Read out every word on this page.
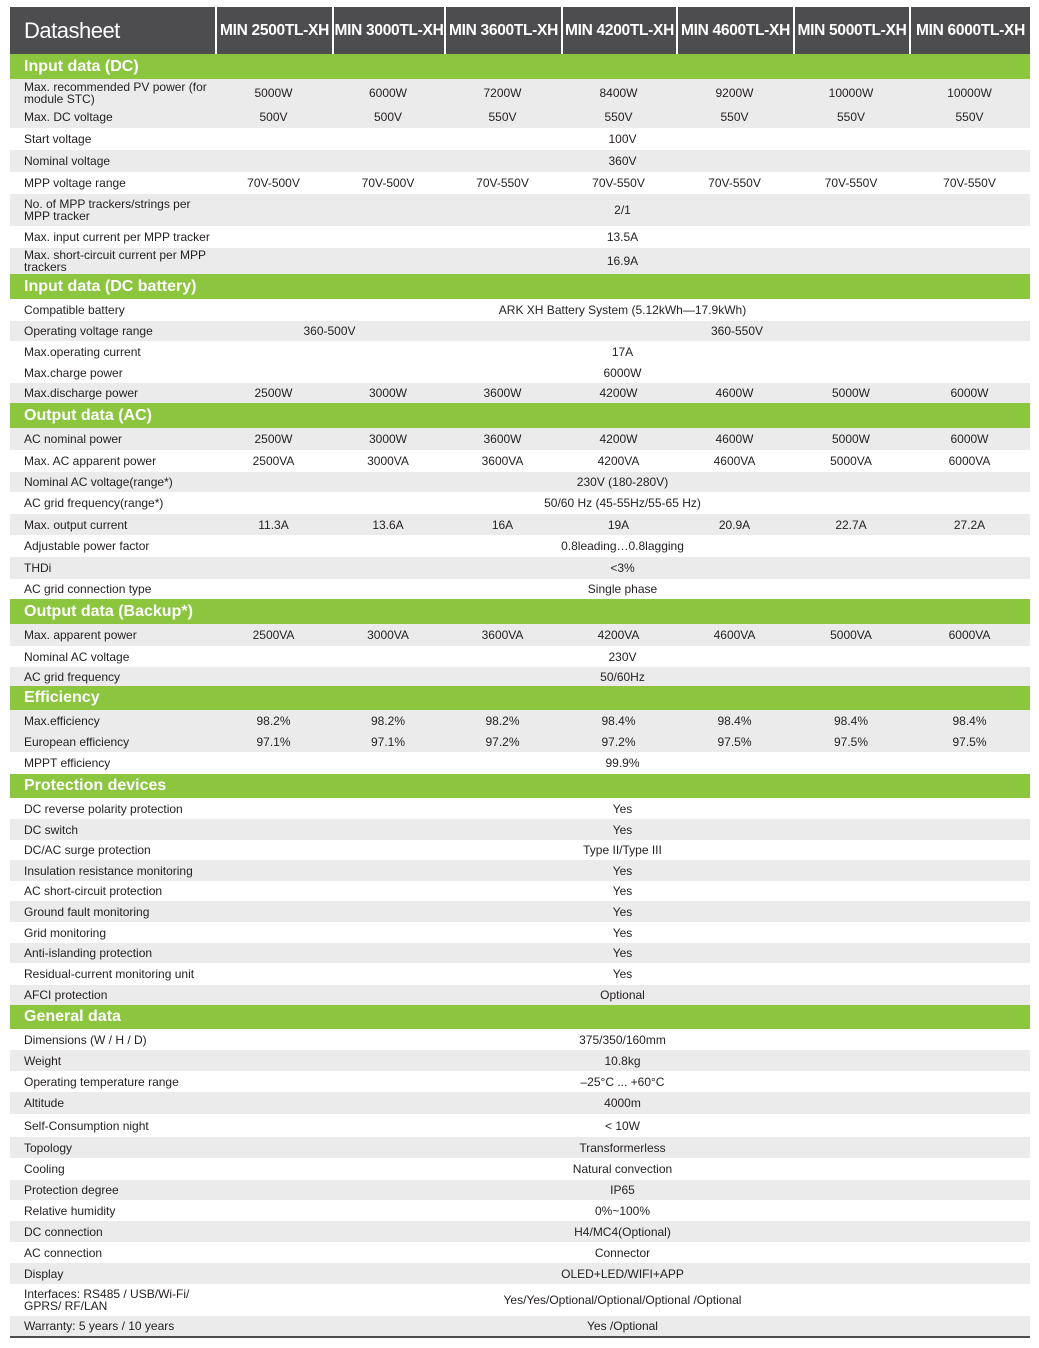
Datasheet	MIN 2500TL-XH MIN 3000TL-XH MIN 3600TL-XH MIN 4200TL-XH MIN 4600TL-XH MIN 5000TL-XH MIN 6000TL-XH
Input data (DC)
Max. recommended PV power (for module STC)	5000W	6000W	7200W	8400W	9200W	10000W	10000W
Max. DC voltage	500V	500V	550V	550V	550V	550V	550V
Start voltage	100V
Nominal voltage	360V
MPP voltage range	70V-500V	70V-500V	70V-550V	70V-550V	70V-550V	70V-550V	70V-550V
No. of MPP trackers/strings per MPP tracker	2/1
Max. input current per MPP tracker	13.5A
Max. short-circuit current per MPP trackers	16.9A
Input data (DC battery)
Compatible battery	ARK XH Battery System (5.12kWh—17.9kWh)
Operating voltage range	360-500V	360-550V
Max.operating current	17A
Max.charge power	6000W
Max.discharge power	2500W	3000W	3600W	4200W	4600W	5000W	6000W
Output data (AC)
AC nominal power	2500W	3000W	3600W	4200W	4600W	5000W	6000W
Max. AC apparent power	2500VA	3000VA	3600VA	4200VA	4600VA	5000VA	6000VA
Nominal AC voltage(range*)	230V (180-280V)
AC grid frequency(range*)	50/60 Hz (45-55Hz/55-65 Hz)
Max. output current	11.3A	13.6A	16A	19A	20.9A	22.7A	27.2A
Adjustable power factor	0.8leading…0.8lagging
THDi	<3%
AC grid connection type	Single phase
Output data (Backup*)
Max. apparent power	2500VA	3000VA	3600VA	4200VA	4600VA	5000VA	6000VA
Nominal AC voltage	230V
AC grid frequency	50/60Hz
Efficiency
Max.efficiency	98.2%	98.2%	98.2%	98.4%	98.4%	98.4%	98.4%
European efficiency	97.1%	97.1%	97.2%	97.2%	97.5%	97.5%	97.5%
MPPT efficiency	99.9%
Protection devices
DC reverse polarity protection	Yes
DC switch	Yes
DC/AC surge protection	Type II/Type III
Insulation resistance monitoring	Yes
AC short-circuit protection	Yes
Ground fault monitoring	Yes
Grid monitoring	Yes
Anti-islanding protection	Yes
Residual-current monitoring unit	Yes
AFCI protection	Optional
General data
Dimensions (W / H / D)	375/350/160mm
Weight	10.8kg
Operating temperature range	–25°C ... +60°C
Altitude	4000m
Self-Consumption night	< 10W
Topology	Transformerless
Cooling	Natural convection
Protection degree	IP65
Relative humidity	0%~100%
DC connection	H4/MC4(Optional)
AC connection	Connector
Display	OLED+LED/WIFI+APP
Interfaces: RS485 / USB/Wi-Fi/ GPRS/ RF/LAN	Yes/Yes/Optional/Optional/Optional /Optional
Warranty: 5 years / 10 years	Yes /Optional
